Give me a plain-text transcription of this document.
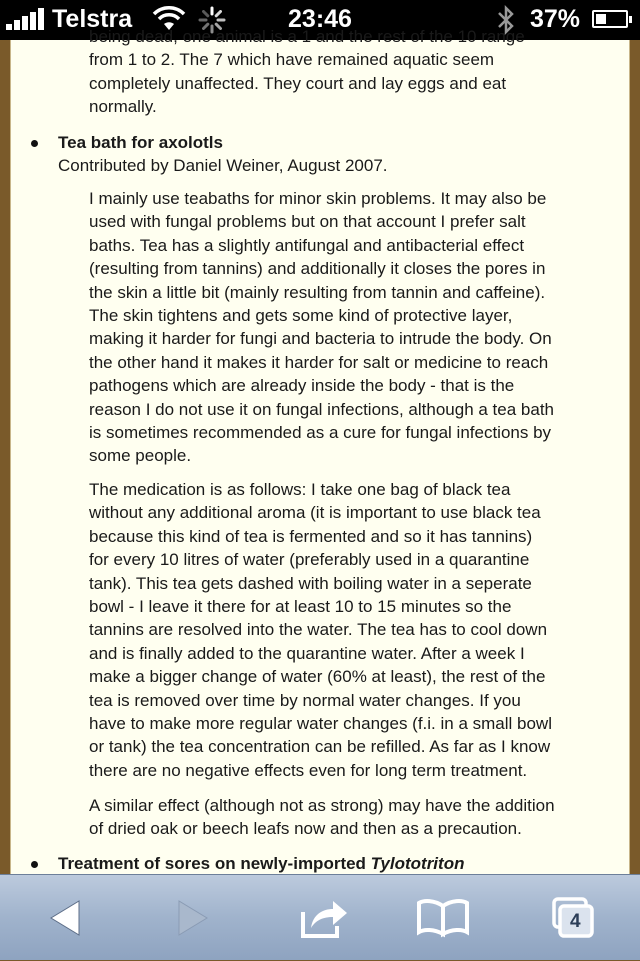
Telstra	23:46	37%
being dead, one animal is a 1 and the rest of the 10 range
from 1 to 2. The 7 which have remained aquatic seem
completely unaffected. They court and lay eggs and eat
normally.
Tea bath for axolotls
Contributed by Daniel Weiner, August 2007.
I mainly use teabaths for minor skin problems. It may also be
used with fungal problems but on that account I prefer salt
baths. Tea has a slightly antifungal and antibacterial effect
(resulting from tannins) and additionally it closes the pores in
the skin a little bit (mainly resulting from tannin and caffeine).
The skin tightens and gets some kind of protective layer,
making it harder for fungi and bacteria to intrude the body. On
the other hand it makes it harder for salt or medicine to reach
pathogens which are already inside the body - that is the
reason I do not use it on fungal infections, although a tea bath
is sometimes recommended as a cure for fungal infections by
some people.
The medication is as follows: I take one bag of black tea
without any additional aroma (it is important to use black tea
because this kind of tea is fermented and so it has tannins)
for every 10 litres of water (preferably used in a quarantine
tank). This tea gets dashed with boiling water in a seperate
bowl - I leave it there for at least 10 to 15 minutes so the
tannins are resolved into the water. The tea has to cool down
and is finally added to the quarantine water. After a week I
make a bigger change of water (60% at least), the rest of the
tea is removed over time by normal water changes. If you
have to make more regular water changes (f.i. in a small bowl
or tank) the tea concentration can be refilled. As far as I know
there are no negative effects even for long term treatment.
A similar effect (although not as strong) may have the addition
of dried oak or beech leafs now and then as a precaution.
Treatment of sores on newly-imported Tylototriton
4
